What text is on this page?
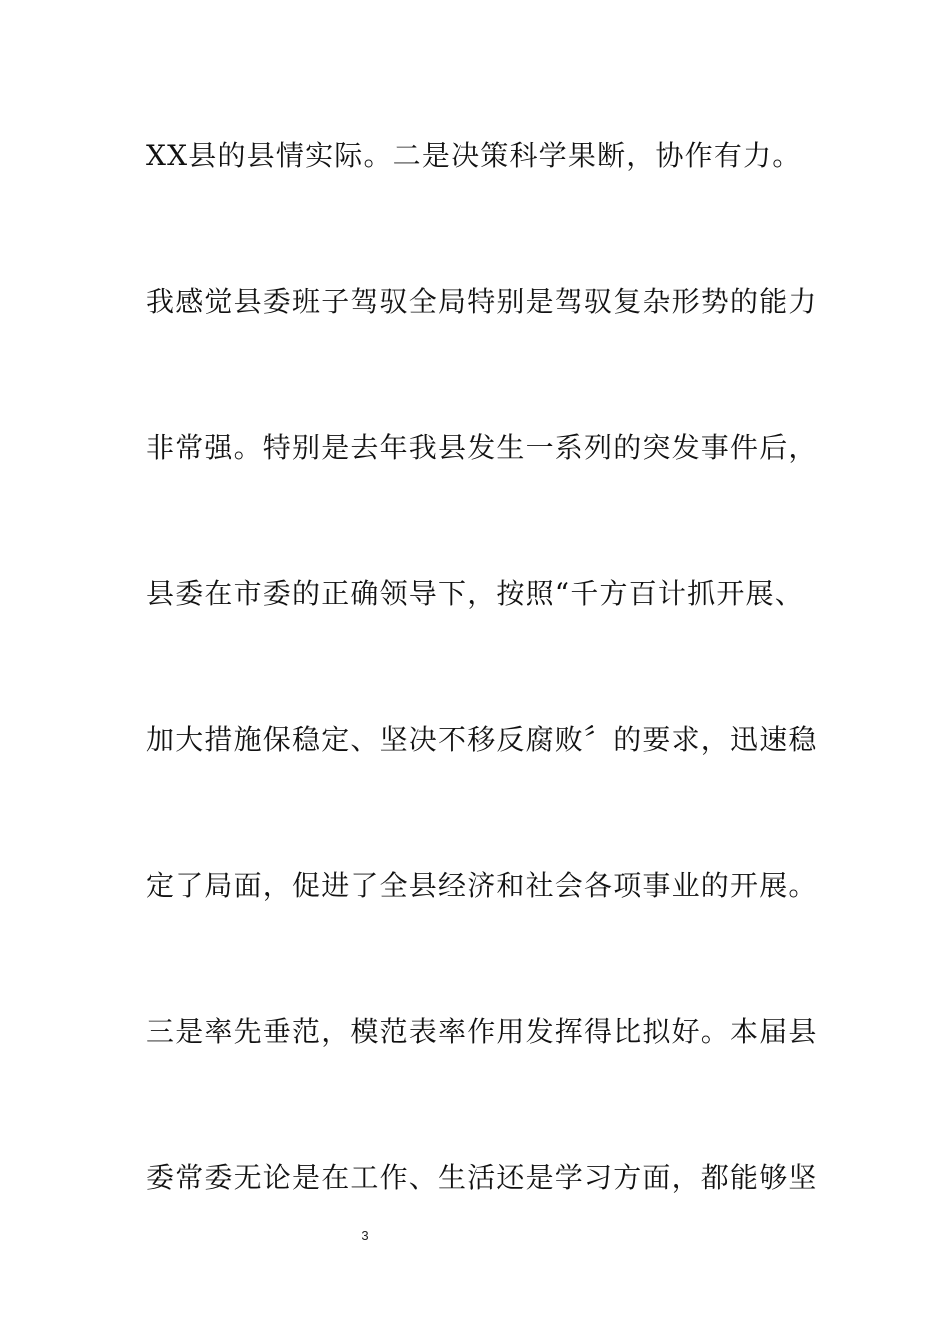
XX县的县情实际。二是决策科学果断，协作有力。
我感觉县委班子驾驭全局特别是驾驭复杂形势的能力
非常强。特别是去年我县发生一系列的突发事件后，
县委在市委的正确领导下，按照“千方百计抓开展、
加大措施保稳定、坚决不移反腐败〞的要求，迅速稳
定了局面，促进了全县经济和社会各项事业的开展。
三是率先垂范，模范表率作用发挥得比拟好。本届县
委常委无论是在工作、生活还是学习方面，都能够坚
3
